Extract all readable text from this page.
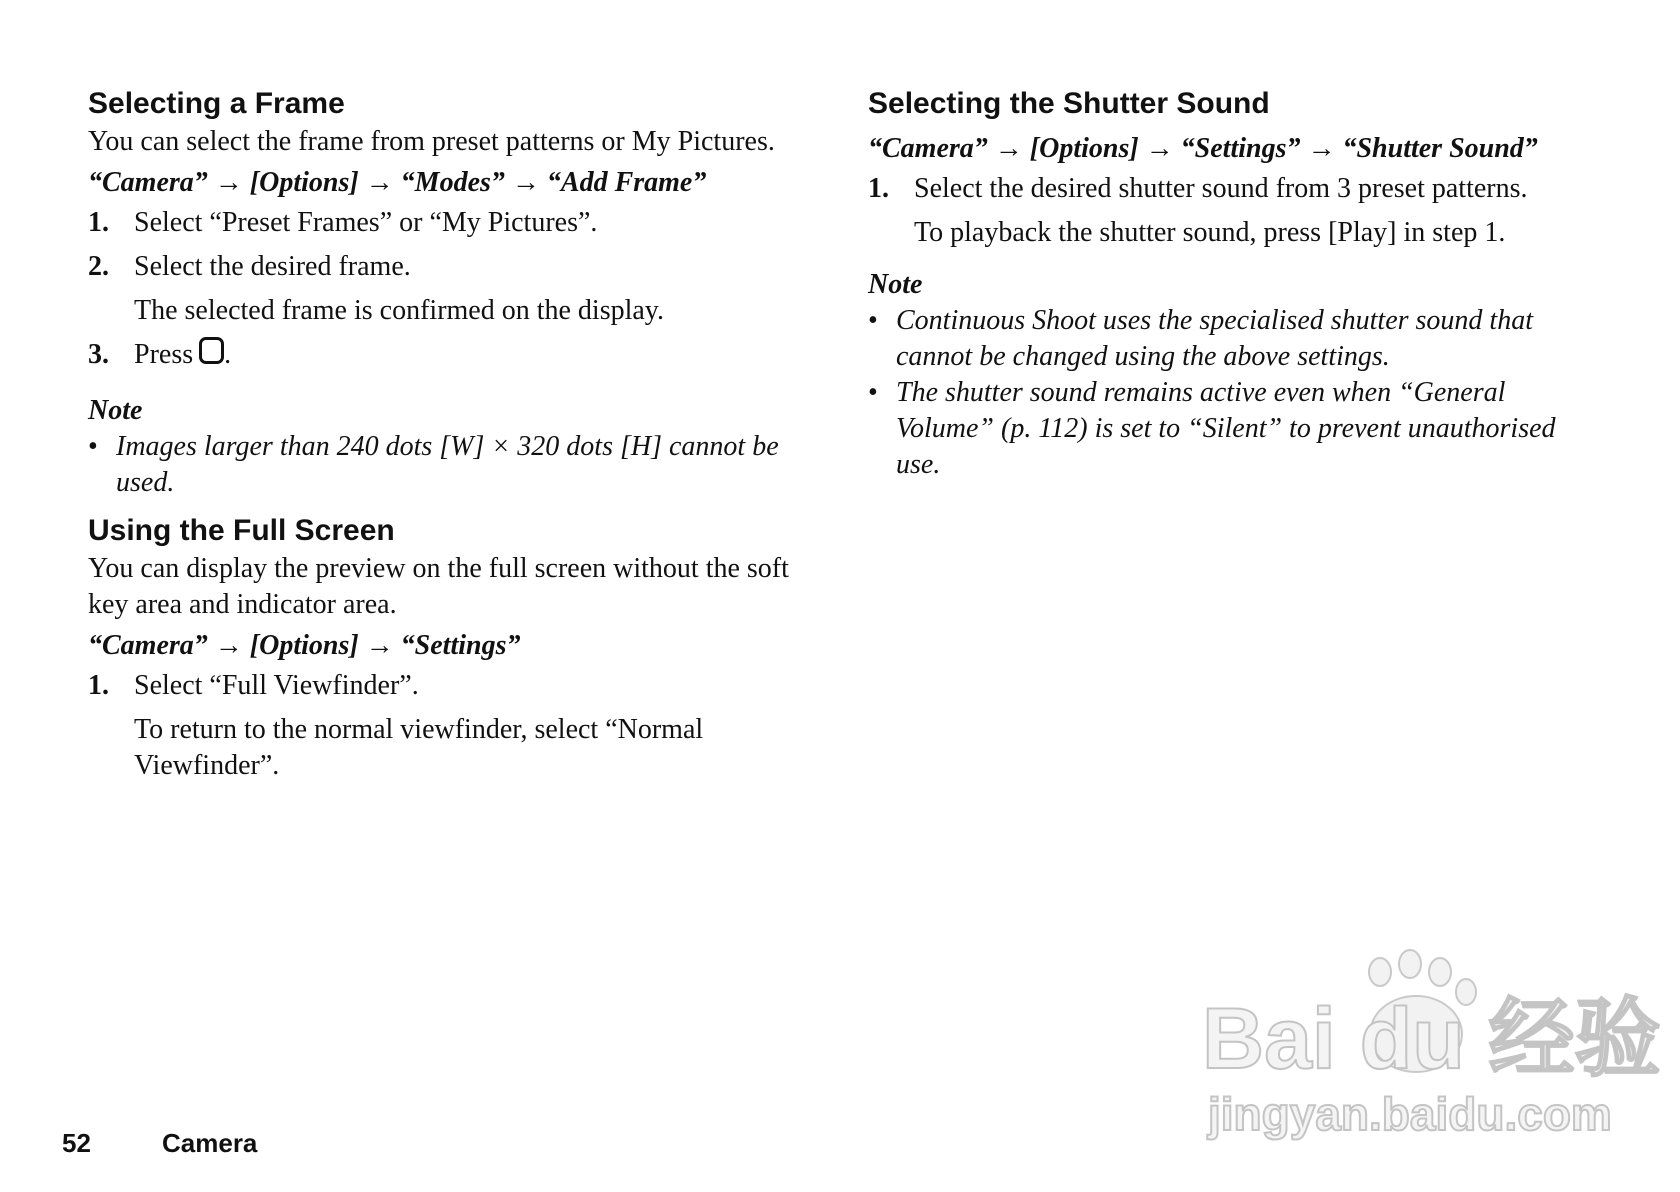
Selecting a Frame

You can select the frame from preset patterns or My Pictures.

“Camera” → [Options] → “Modes” → “Add Frame”

1. Select “Preset Frames” or “My Pictures”.
2. Select the desired frame.

The selected frame is confirmed on the display.

3. Press .

Note

• Images larger than 240 dots [W] × 320 dots [H] cannot be used.
Using the Full Screen

You can display the preview on the full screen without the soft key area and indicator area.

“Camera” → [Options] → “Settings”

1. Select “Full Viewfinder”.

To return to the normal viewfinder, select “Normal Viewfinder”.

Selecting the Shutter Sound

“Camera” → [Options] → “Settings” → “Shutter Sound”

1. Select the desired shutter sound from 3 preset patterns.

To playback the shutter sound, press [Play] in step 1.

Note

• Continuous Shoot uses the specialised shutter sound that cannot be changed using the above settings.
• The shutter sound remains active even when “General Volume” (p. 112) is set to “Silent” to prevent unauthorised use.
52	Camera
Bai du 经验
jingyan.baidu.com
